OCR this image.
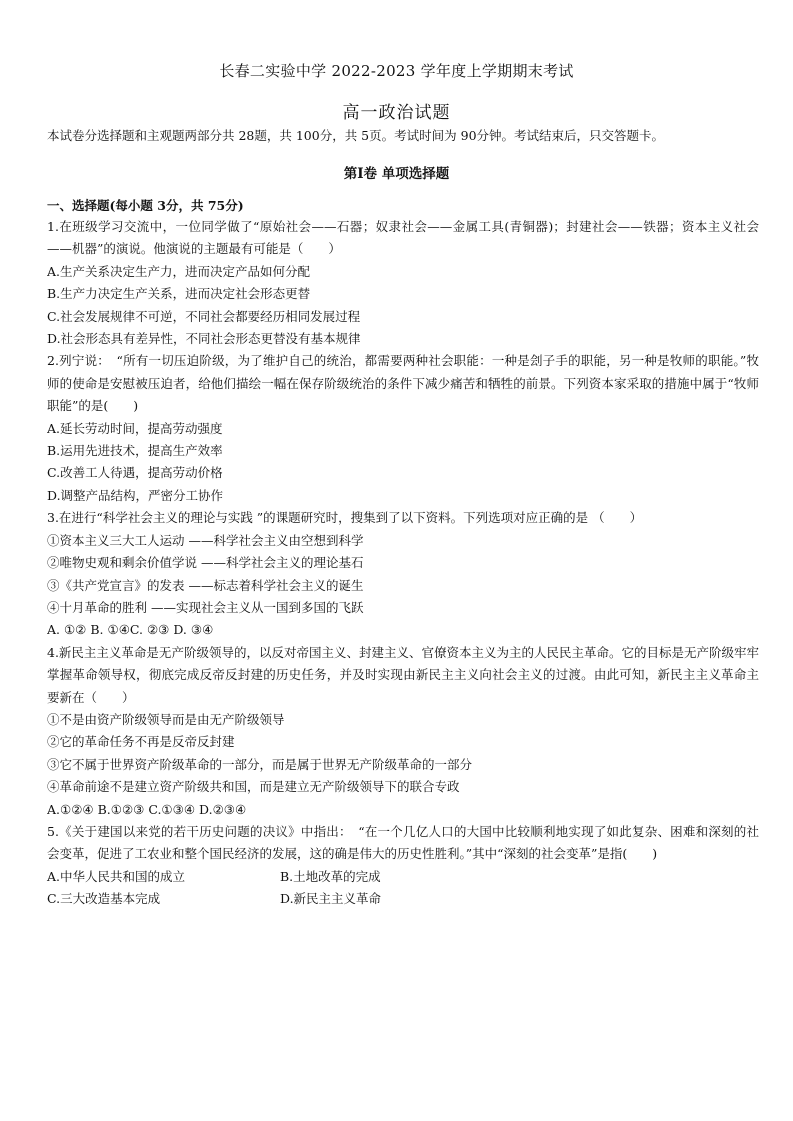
长春二实验中学 2022-2023 学年度上学期期末考试
高一政治试题
本试卷分选择题和主观题两部分共 28题，共 100分，共 5页。考试时间为 90分钟。考试结束后，只交答题卡。
第Ⅰ卷 单项选择题
一、选择题(每小题 3分，共 75分)
1.在班级学习交流中，一位同学做了“原始社会——石器；奴隶社会——金属工具(青铜器)；封建社会——铁器；资本主义社会——机器”的演说。他演说的主题最有可能是（　　）
A.生产关系决定生产力，进而决定产品如何分配
B.生产力决定生产关系，进而决定社会形态更替
C.社会发展规律不可逆，不同社会都要经历相同发展过程
D.社会形态具有差异性，不同社会形态更替没有基本规律
2.列宁说：　“所有一切压迫阶级，为了维护自己的统治，都需要两种社会职能：一种是刽子手的职能，另一种是牧师的职能。”牧师的使命是安慰被压迫者，给他们描绘一幅在保存阶级统治的条件下减少痛苦和牺牲的前景。下列资本家采取的措施中属于“牧师职能”的是(　　)
A.延长劳动时间，提高劳动强度
B.运用先进技术，提高生产效率
C.改善工人待遇，提高劳动价格
D.调整产品结构，严密分工协作
3.在进行“科学社会主义的理论与实践 ”的课题研究时，搜集到了以下资料。下列选项对应正确的是 （　　）
①资本主义三大工人运动 ——科学社会主义由空想到科学
②唯物史观和剩余价值学说 ——科学社会主义的理论基石
③《共产党宣言》的发表 ——标志着科学社会主义的诞生
④十月革命的胜利 ——实现社会主义从一国到多国的飞跃
A. ①② B. ①④C. ②③ D. ③④
4.新民主主义革命是无产阶级领导的，以反对帝国主义、封建主义、官僚资本主义为主的人民民主革命。它的目标是无产阶级牢牢掌握革命领导权，彻底完成反帝反封建的历史任务，并及时实现由新民主主义向社会主义的过渡。由此可知，新民主主义革命主要新在（　　）
①不是由资产阶级领导而是由无产阶级领导
②它的革命任务不再是反帝反封建
③它不属于世界资产阶级革命的一部分，而是属于世界无产阶级革命的一部分
④革命前途不是建立资产阶级共和国，而是建立无产阶级领导下的联合专政
A.①②④ B.①②③ C.①③④ D.②③④
5.《关于建国以来党的若干历史问题的决议》中指出：　“在一个几亿人口的大国中比较顺利地实现了如此复杂、困难和深刻的社会变革，促进了工农业和整个国民经济的发展，这的确是伟大的历史性胜利。”其中“深刻的社会变革”是指(　　)
A.中华人民共和国的成立	B.土地改革的完成
C.三大改造基本完成	D.新民主主义革命
